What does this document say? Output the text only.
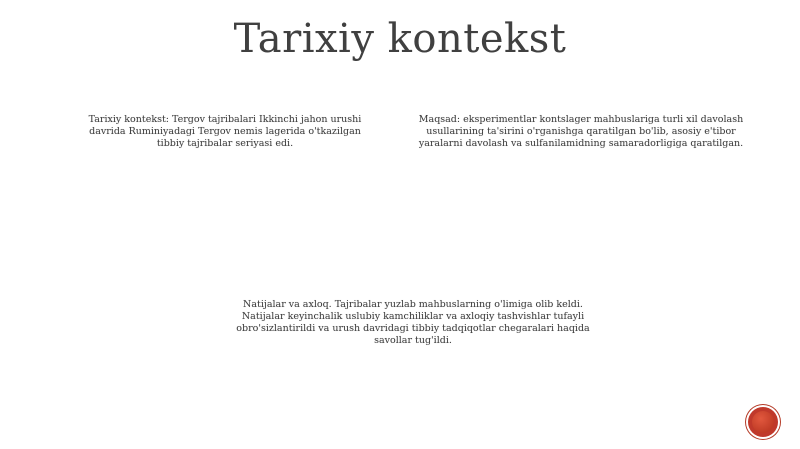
Tarixiy kontekst
Tarixiy kontekst: Tergov tajribalari Ikkinchi jahon urushi davrida Ruminiyadagi Tergov nemis lagerida o'tkazilgan tibbiy tajribalar seriyasi edi.
Maqsad: eksperimentlar kontslager mahbuslariga turli xil davolash usullarining ta'sirini o'rganishga qaratilgan bo'lib, asosiy e'tibor yaralarni davolash va sulfanilamidning samaradorligiga qaratilgan.
Natijalar va axloq. Tajribalar yuzlab mahbuslarning o'limiga olib keldi. Natijalar keyinchalik uslubiy kamchiliklar va axloqiy tashvishlar tufayli obro'sizlantirildi va urush davridagi tibbiy tadqiqotlar chegaralari haqida savollar tug'ildi.
